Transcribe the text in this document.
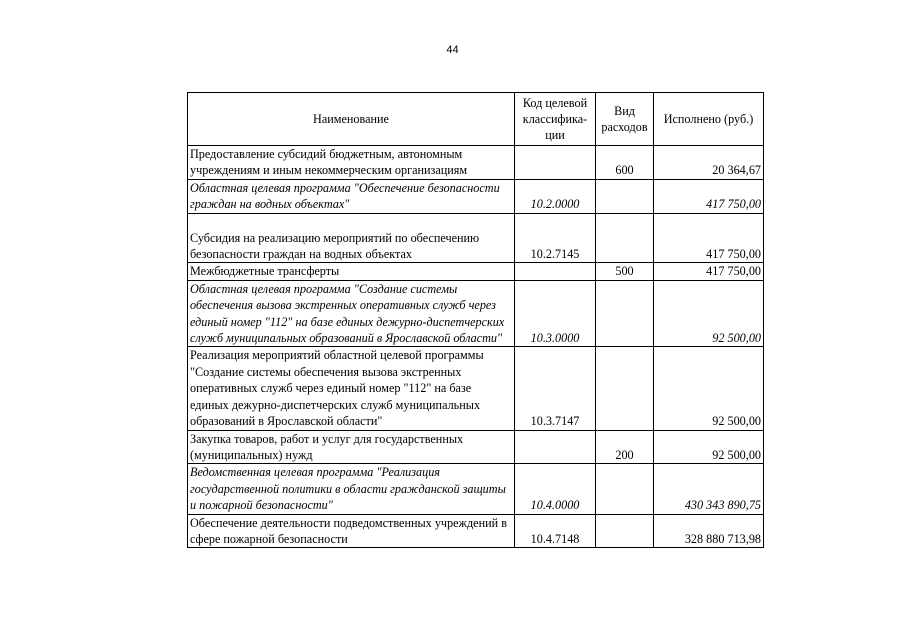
44
Наименование	Код целевой классифика-ции	Вид расходов	Исполнено (руб.)
Предоставление субсидий бюджетным, автономным учреждениям и иным некоммерческим организациям		600	20 364,67
Областная целевая программа "Обеспечение безопасности граждан на водных объектах"	10.2.0000		417 750,00

Субсидия на реализацию мероприятий по обеспечению безопасности граждан на водных объектах	10.2.7145		417 750,00
Межбюджетные трансферты		500	417 750,00
Областная целевая программа "Создание системы обеспечения вызова экстренных оперативных служб через единый номер "112" на базе единых дежурно-диспетчерских служб муниципальных образований в Ярославской области"	10.3.0000		92 500,00
Реализация мероприятий областной целевой программы "Создание системы обеспечения вызова экстренных оперативных служб через единый номер "112" на базе единых дежурно-диспетчерских служб муниципальных образований в Ярославской области"	10.3.7147		92 500,00
Закупка товаров, работ и услуг для государственных (муниципальных) нужд		200	92 500,00
Ведомственная целевая программа "Реализация государственной политики в области гражданской защиты и пожарной безопасности"	10.4.0000		430 343 890,75
Обеспечение деятельности подведомственных учреждений в сфере пожарной безопасности	10.4.7148		328 880 713,98
